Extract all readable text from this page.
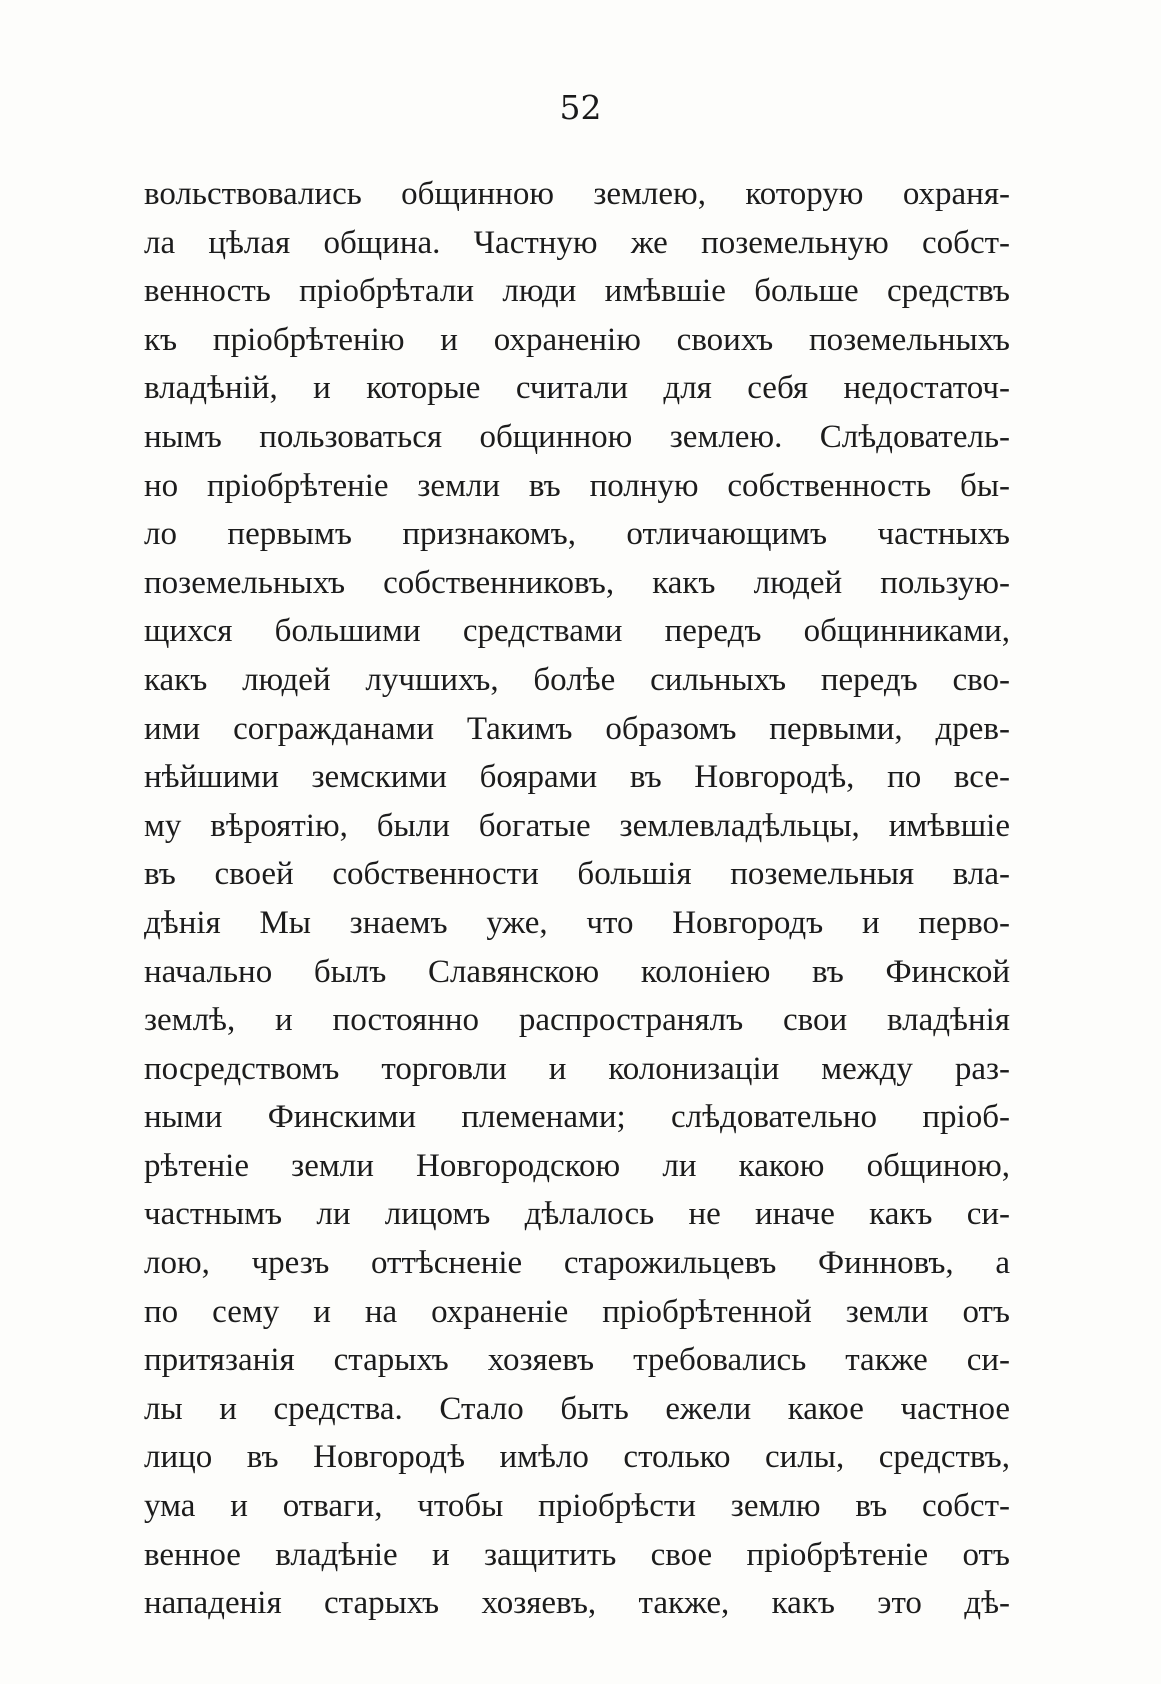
52
вольствовались общинною землею, которую охраня-
ла цѣлая община. Частную же поземельную собст-
венность пріобрѣтали люди имѣвшіе больше средствъ
къ пріобрѣтенію и охраненію своихъ поземельныхъ
владѣній, и которые считали для себя недостаточ-
нымъ пользоваться общинною землею. Слѣдователь-
но пріобрѣтеніе земли въ полную собственность бы-
ло первымъ признакомъ, отличающимъ частныхъ
поземельныхъ собственниковъ, какъ людей пользую-
щихся большими средствами передъ общинниками,
какъ людей лучшихъ, болѣе сильныхъ передъ сво-
ими согражданами Такимъ образомъ первыми, древ-
нѣйшими земскими боярами въ Новгородѣ, по все-
му вѣроятію, были богатые землевладѣльцы, имѣвшіе
въ своей собственности большія поземельныя вла-
дѣнія Мы знаемъ уже, что Новгородъ и перво-
начально былъ Славянскою колоніею въ Финской
землѣ, и постоянно распространялъ свои владѣнія
посредствомъ торговли и колонизаціи между раз-
ными Финскими племенами; слѣдовательно пріоб-
рѣтеніе земли Новгородскою ли какою общиною,
частнымъ ли лицомъ дѣлалось не иначе какъ си-
лою, чрезъ оттѣсненіе старожильцевъ Финновъ, а
по сему и на охраненіе пріобрѣтенной земли отъ
притязанія старыхъ хозяевъ требовались также си-
лы и средства. Стало быть ежели какое частное
лицо въ Новгородѣ имѣло столько силы, средствъ,
ума и отваги, чтобы пріобрѣсти землю въ собст-
венное владѣніе и защитить свое пріобрѣтеніе отъ
нападенія старыхъ хозяевъ, также, какъ это дѣ-
